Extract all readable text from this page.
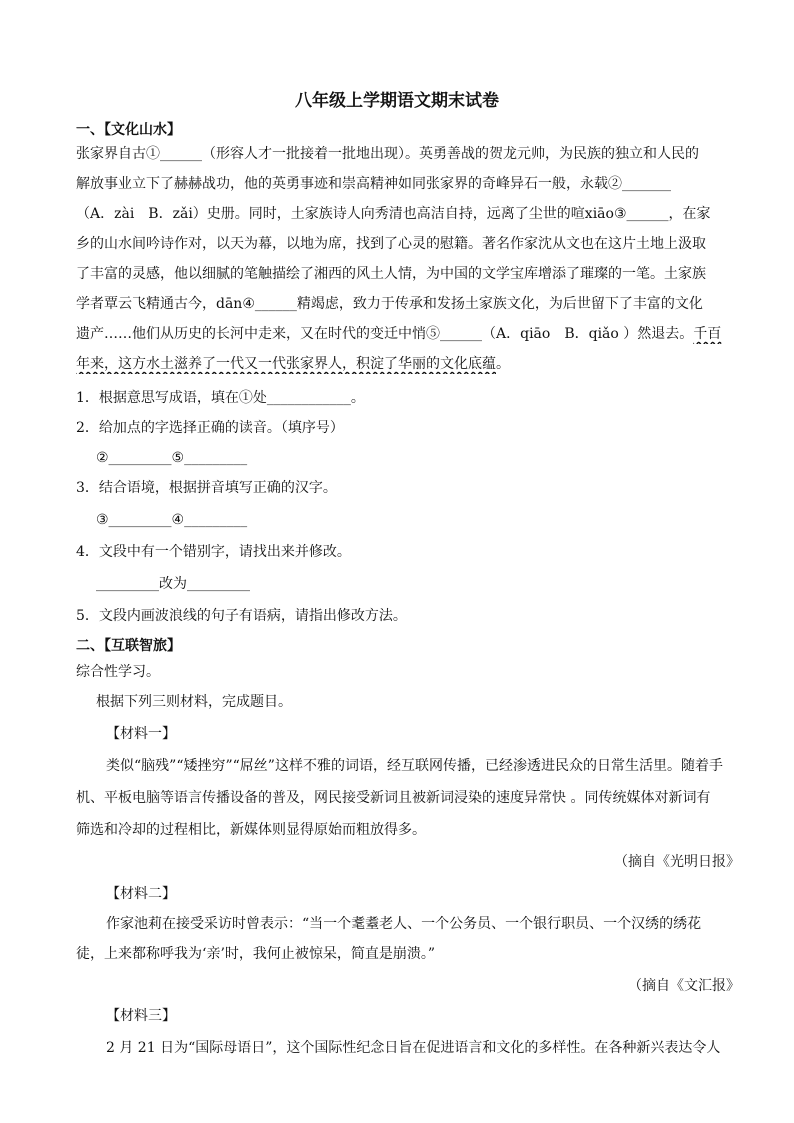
八年级上学期语文期末试卷
一、【文化山水】
张家界自古①______（形容人才一批接着一批地出现）。英勇善战的贺龙元帅，为民族的独立和人民的
解放事业立下了赫赫战功，他的英勇事迹和崇高精神如同张家界的奇峰异石一般，永载②_______
（A．zài　B．zǎi）史册。同时，土家族诗人向秀清也高洁自持，远离了尘世的喧xiāo③______，在家
乡的山水间吟诗作对，以天为幕，以地为席，找到了心灵的慰籍。著名作家沈从文也在这片土地上汲取
了丰富的灵感，他以细腻的笔触描绘了湘西的风土人情，为中国的文学宝库增添了璀璨的一笔。土家族
学者覃云飞精通古今，dān④______精竭虑，致力于传承和发扬土家族文化，为后世留下了丰富的文化
遗产……他们从历史的长河中走来，又在时代的变迁中悄⑤______（A．qiāo　B．qiǎo ）然退去。千百
年来，这方水土滋养了一代又一代张家界人，积淀了华丽的文化底蕴。
1．根据意思写成语，填在①处____________。
2．给加点的字选择正确的读音。（填序号）
②_________⑤_________
3．结合语境，根据拼音填写正确的汉字。
③_________④_________
4．文段中有一个错别字，请找出来并修改。
_________改为_________
5．文段内画波浪线的句子有语病，请指出修改方法。
二、【互联智旅】
综合性学习。
根据下列三则材料，完成题目。
【材料一】
类似“脑残”“矮挫穷”“屌丝”这样不雅的词语，经互联网传播，已经渗透进民众的日常生活里。随着手
机、平板电脑等语言传播设备的普及，网民接受新词且被新词浸染的速度异常快 。同传统媒体对新词有
筛选和冷却的过程相比，新媒体则显得原始而粗放得多。
（摘自《光明日报》
【材料二】
作家池莉在接受采访时曾表示：“当一个耄耋老人、一个公务员、一个银行职员、一个汉绣的绣花
徒，上来都称呼我为‘亲’时，我何止被惊呆，简直是崩溃。”
（摘自《文汇报》
【材料三】
2 月 21 日为“国际母语日”，这个国际性纪念日旨在促进语言和文化的多样性。在各种新兴表达令人
